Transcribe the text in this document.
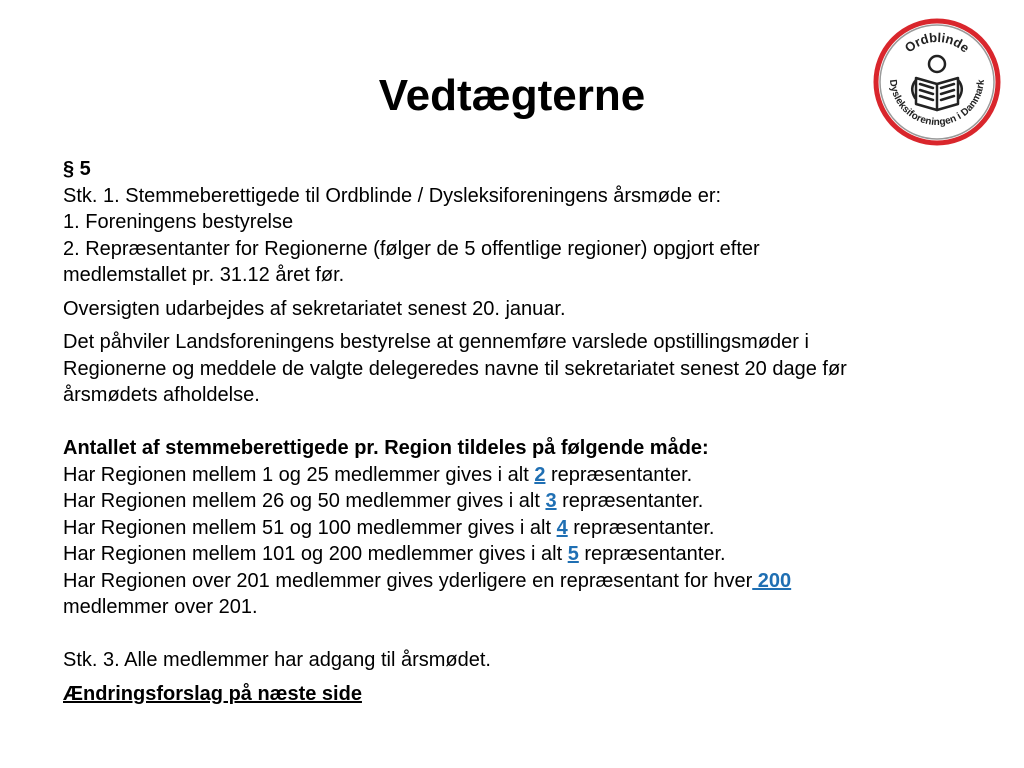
Vedtægterne
Ordblinde
Dysleksiforeningen i Danmark

§ 5

Stk. 1. Stemmeberettigede til Ordblinde / Dysleksiforeningens årsmøde er:

1. Foreningens bestyrelse

2. Repræsentanter for Regionerne (følger de 5 offentlige regioner) opgjort efter
medlemstallet pr. 31.12 året før.

Oversigten udarbejdes af sekretariatet senest 20. januar.

Det påhviler Landsforeningens bestyrelse at gennemføre varslede opstillingsmøder i
Regionerne og meddele de valgte delegeredes navne til sekretariatet senest 20 dage før
årsmødets afholdelse.

Antallet af stemmeberettigede pr. Region tildeles på følgende måde:

Har Regionen mellem 1 og 25 medlemmer gives i alt 2 repræsentanter.

Har Regionen mellem 26 og 50 medlemmer gives i alt 3 repræsentanter.

Har Regionen mellem 51 og 100 medlemmer gives i alt 4 repræsentanter.

Har Regionen mellem 101 og 200 medlemmer gives i alt 5 repræsentanter.

Har Regionen over 201 medlemmer gives yderligere en repræsentant for hver 200
medlemmer over 201.

Stk. 3. Alle medlemmer har adgang til årsmødet.

Ændringsforslag på næste side
